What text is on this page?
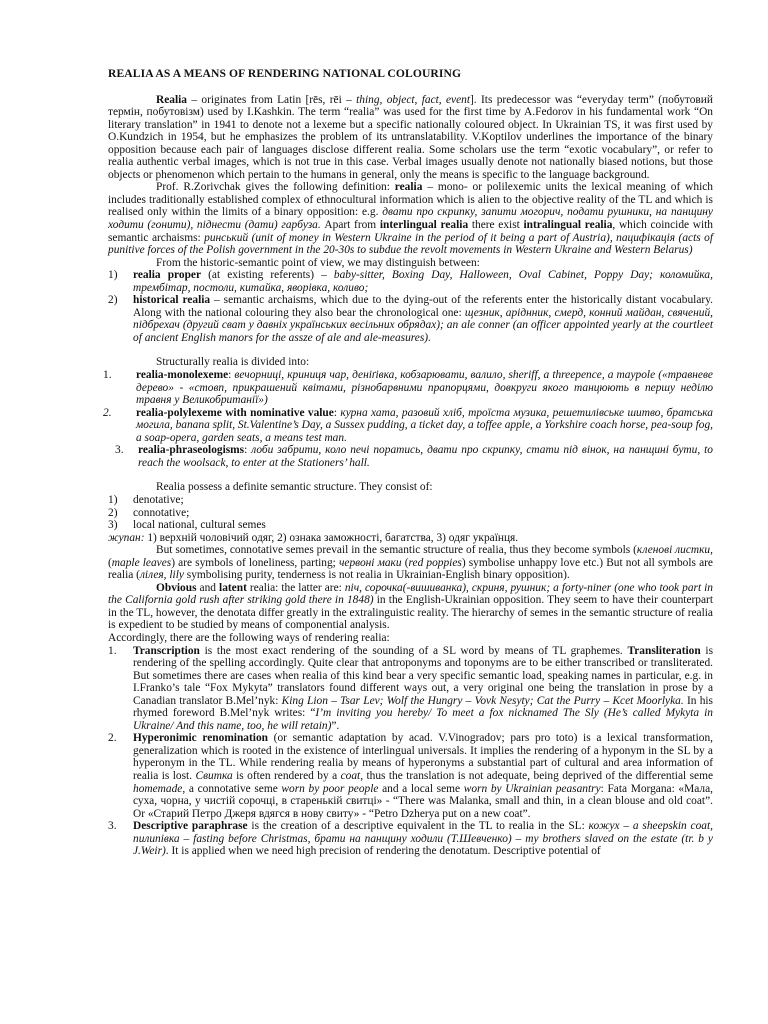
REALIA AS A MEANS OF RENDERING NATIONAL COLOURING

Realia – originates from Latin [rēs, rēi – thing, object, fact, event]. Its predecessor was “everyday term” (побутовий термін, побутовізм) used by I.Kashkin. The term “realia” was used for the first time by A.Fedorov in his fundamental work “On literary translation” in 1941 to denote not a lexeme but a specific nationally coloured object. In Ukrainian TS, it was first used by O.Kundzich in 1954, but he emphasizes the problem of its untranslatability. V.Koptilov underlines the importance of the binary opposition because each pair of languages disclose different realia. Some scholars use the term “exotic vocabulary”, or refer to realia authentic verbal images, which is not true in this case. Verbal images usually denote not nationally biased notions, but those objects or phenomenon which pertain to the humans in general, only the means is specific to the language background.

Prof. R.Zorivchak gives the following definition: realia – mono- or polilexemic units the lexical meaning of which includes traditionally established complex of ethnocultural information which is alien to the objective reality of the TL and which is realised only within the limits of a binary opposition: e.g. двати про скрипку, запити могорич, подати рушники, на панщину ходити (гонити), піднести (дати) гарбуза. Apart from interlingual realia there exist intralingual realia, which coincide with semantic archaisms: ринський (unit of money in Western Ukraine in the period of it being a part of Austria), пацифікація (acts of punitive forces of the Polish government in the 20-30s to subdue the revolt movements in Western Ukraine and Western Belarus)

From the historic-semantic point of view, we may distinguish between:

1) realia proper (at existing referents) – baby-sitter, Boxing Day, Halloween, Oval Cabinet, Poppy Day; коломийка, трембітар, постоли, китайка, яворівка, коливо;
2) historical realia – semantic archaisms, which due to the dying-out of the referents enter the historically distant vocabulary. Along with the national colouring they also bear the chronological one: щезник, аріднник, смерд, конний майдан, свячений, підбрехач (другий сват у давніх українських весільних обрядах); an ale conner (an officer appointed yearly at the courtleet of ancient English manors for the assze of ale and ale-measures).

Structurally realia is divided into:

1. realia-monolexeme: вечорниці, криниця чар, деніґівка, кобзарювати, валило, sheriff, a threepence, a maypole («травневе дерево» - «стовп, прикрашений квітами, різнобарвними прапорцями, довкруги якого танцюють в першу неділю травня у Великобританії»)
2. realia-polylexeme with nominative value: курна хата, разовий хліб, троїста музика, решетилівське шитво, братська могила, banana split, St.Valentine’s Day, a Sussex pudding, a ticket day, a toffee apple, a Yorkshire coach horse, pea-soup fog, a soap-opera, garden seats, a means test man.
3. realia-phraseologisms: лоби забрити, коло печі поратись, двати про скрипку, стати під вінок, на панщині бути, to reach the woolsack, to enter at the Stationers’ hall.

Realia possess a definite semantic structure. They consist of:

1) denotative;
2) connotative;
3) local national, cultural semes

жупан: 1) верхній чоловічий одяг, 2) ознака заможності, багатства, 3) одяг українця.

But sometimes, connotative semes prevail in the semantic structure of realia, thus they become symbols (кленові листки, (maple leaves) are symbols of loneliness, parting; червоні маки (red poppies) symbolise unhappy love etc.) But not all symbols are realia (лілея, lily symbolising purity, tenderness is not realia in Ukrainian-English binary opposition).

Obvious and latent realia: the latter are: піч, сорочка(-вишиванка), скриня, рушник; a forty-niner (one who took part in the California gold rush after striking gold there in 1848) in the English-Ukrainian opposition. They seem to have their counterpart in the TL, however, the denotata differ greatly in the extralinguistic reality. The hierarchy of semes in the semantic structure of realia is expedient to be studied by means of componential analysis.

Accordingly, there are the following ways of rendering realia:

1. Transcription is the most exact rendering of the sounding of a SL word by means of TL graphemes. Transliteration is rendering of the spelling accordingly. Quite clear that antroponyms and toponyms are to be either transcribed or transliterated. But sometimes there are cases when realia of this kind bear a very specific semantic load, speaking names in particular, e.g. in I.Franko’s tale “Fox Mykyta” translators found different ways out, a very original one being the translation in prose by a Canadian translator B.Mel’nyk: King Lion – Tsar Lev; Wolf the Hungry – Vovk Nesyty; Cat the Purry – Kcet Moorlyka. In his rhymed foreword B.Mel’nyk writes: “I’m inviting you hereby/ To meet a fox nicknamed The Sly (He’s called Mykyta in Ukraine/ And this name, too, he will retain)”.
2. Hyperonimic renomination (or semantic adaptation by acad. V.Vinogradov; pars pro toto) is a lexical transformation, generalization which is rooted in the existence of interlingual universals. It implies the rendering of a hyponym in the SL by a hyperonym in the TL. While rendering realia by means of hyperonyms a substantial part of cultural and area information of realia is lost. Свитка is often rendered by a coat, thus the translation is not adequate, being deprived of the differential seme homemade, a connotative seme worn by poor people and a local seme worn by Ukrainian peasantry: Fata Morgana: «Мала, суха, чорна, у чистій сорочці, в старенькій свитці» - “There was Malanka, small and thin, in a clean blouse and old coat”. Or «Старий Петро Джеря вдягся в нову свиту» - “Petro Dzherya put on a new coat”.
3. Descriptive paraphrase is the creation of a descriptive equivalent in the TL to realia in the SL: кожух – a sheepskin coat, пилипівка – fasting before Christmas, брати на панщину ходили (Т.Шевченко) – my brothers slaved on the estate (tr. b y J.Weir). It is applied when we need high precision of rendering the denotatum. Descriptive potential of
